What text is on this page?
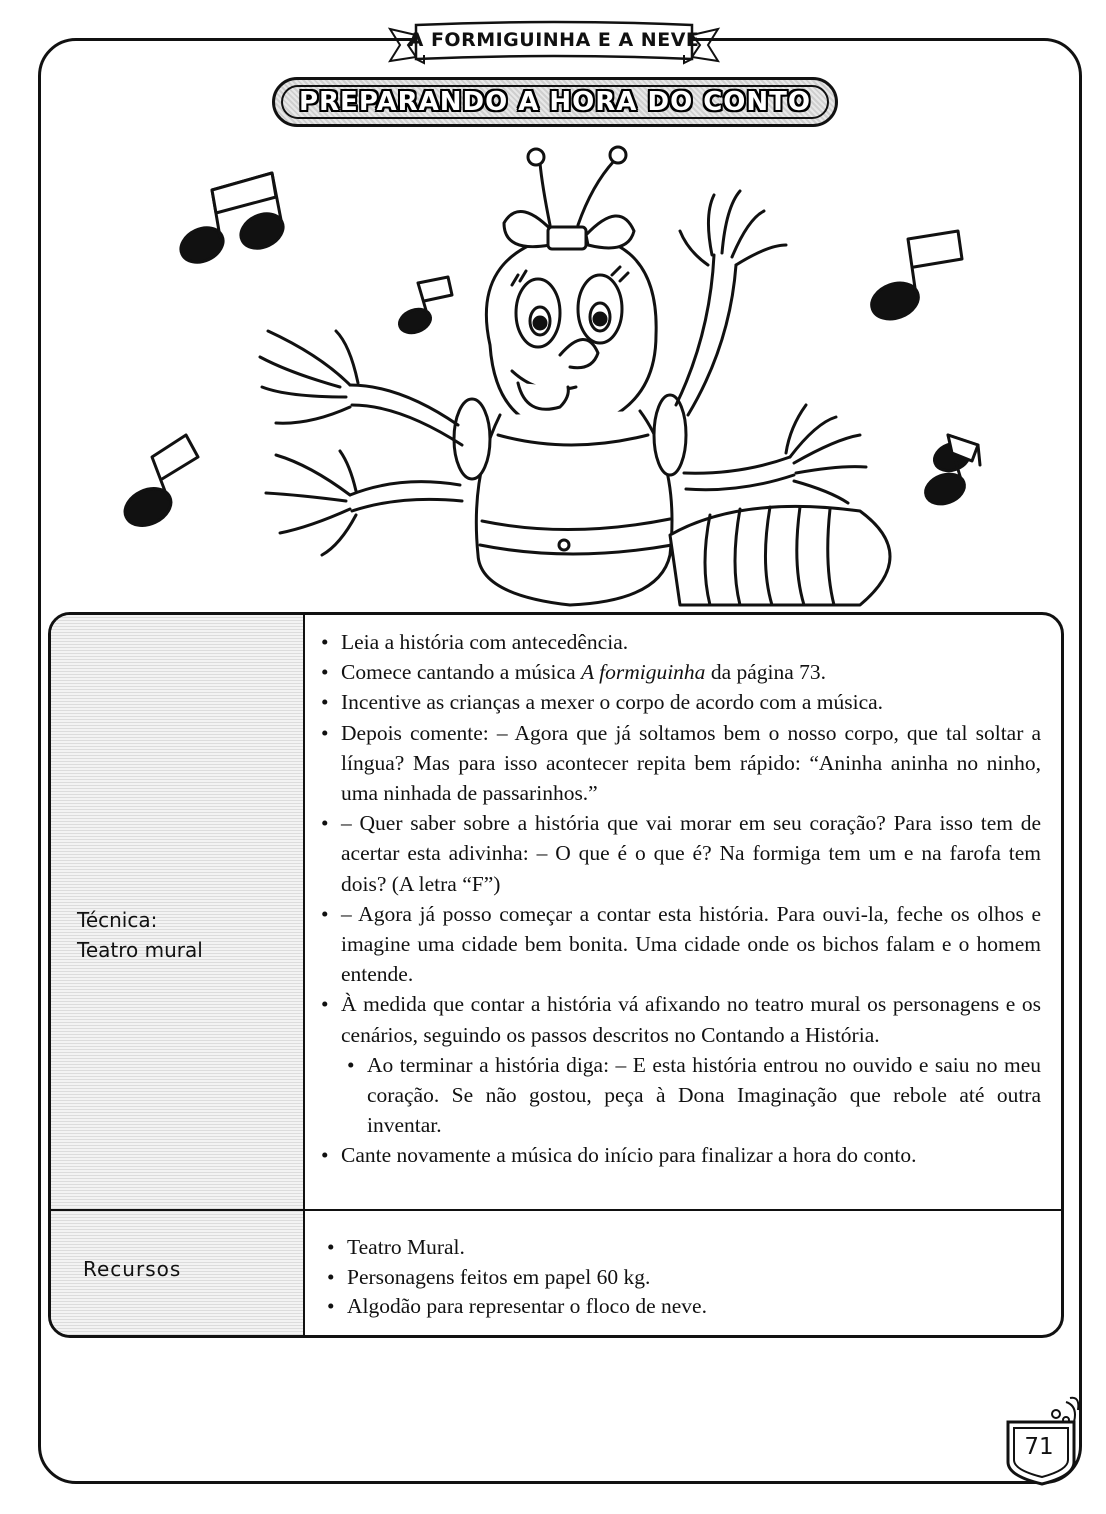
A FORMIGUINHA E A NEVE
PREPARANDO A HORA DO CONTO
Técnica:
Teatro mural
• Leia a história com antecedência.
• Comece cantando a música A formiguinha da página 73.
• Incentive as crianças a mexer o corpo de acordo com a música.
• Depois comente: – Agora que já soltamos bem o nosso corpo, que tal soltar a língua? Mas para isso acontecer repita bem rápido: “Aninha aninha no ninho, uma ninhada de passarinhos.”
• – Quer saber sobre a história que vai morar em seu coração? Para isso tem de acertar esta adivinha: – O que é o que é? Na formiga tem um e na farofa tem dois? (A letra “F”)
• – Agora já posso começar a contar esta história. Para ouvi-la, feche os olhos e imagine uma cidade bem bonita. Uma cidade onde os bichos falam e o homem entende.
• À medida que contar a história vá afixando no teatro mural os personagens e os cenários, seguindo os passos descritos no Contando a História.
• Ao terminar a história diga: – E esta história entrou no ouvido e saiu no meu coração. Se não gostou, peça à Dona Imaginação que rebole até outra inventar.
• Cante novamente a música do início para finalizar a hora do conto.
Recursos
• Teatro Mural.
• Personagens feitos em papel 60 kg.
• Algodão para representar o floco de neve.
71
